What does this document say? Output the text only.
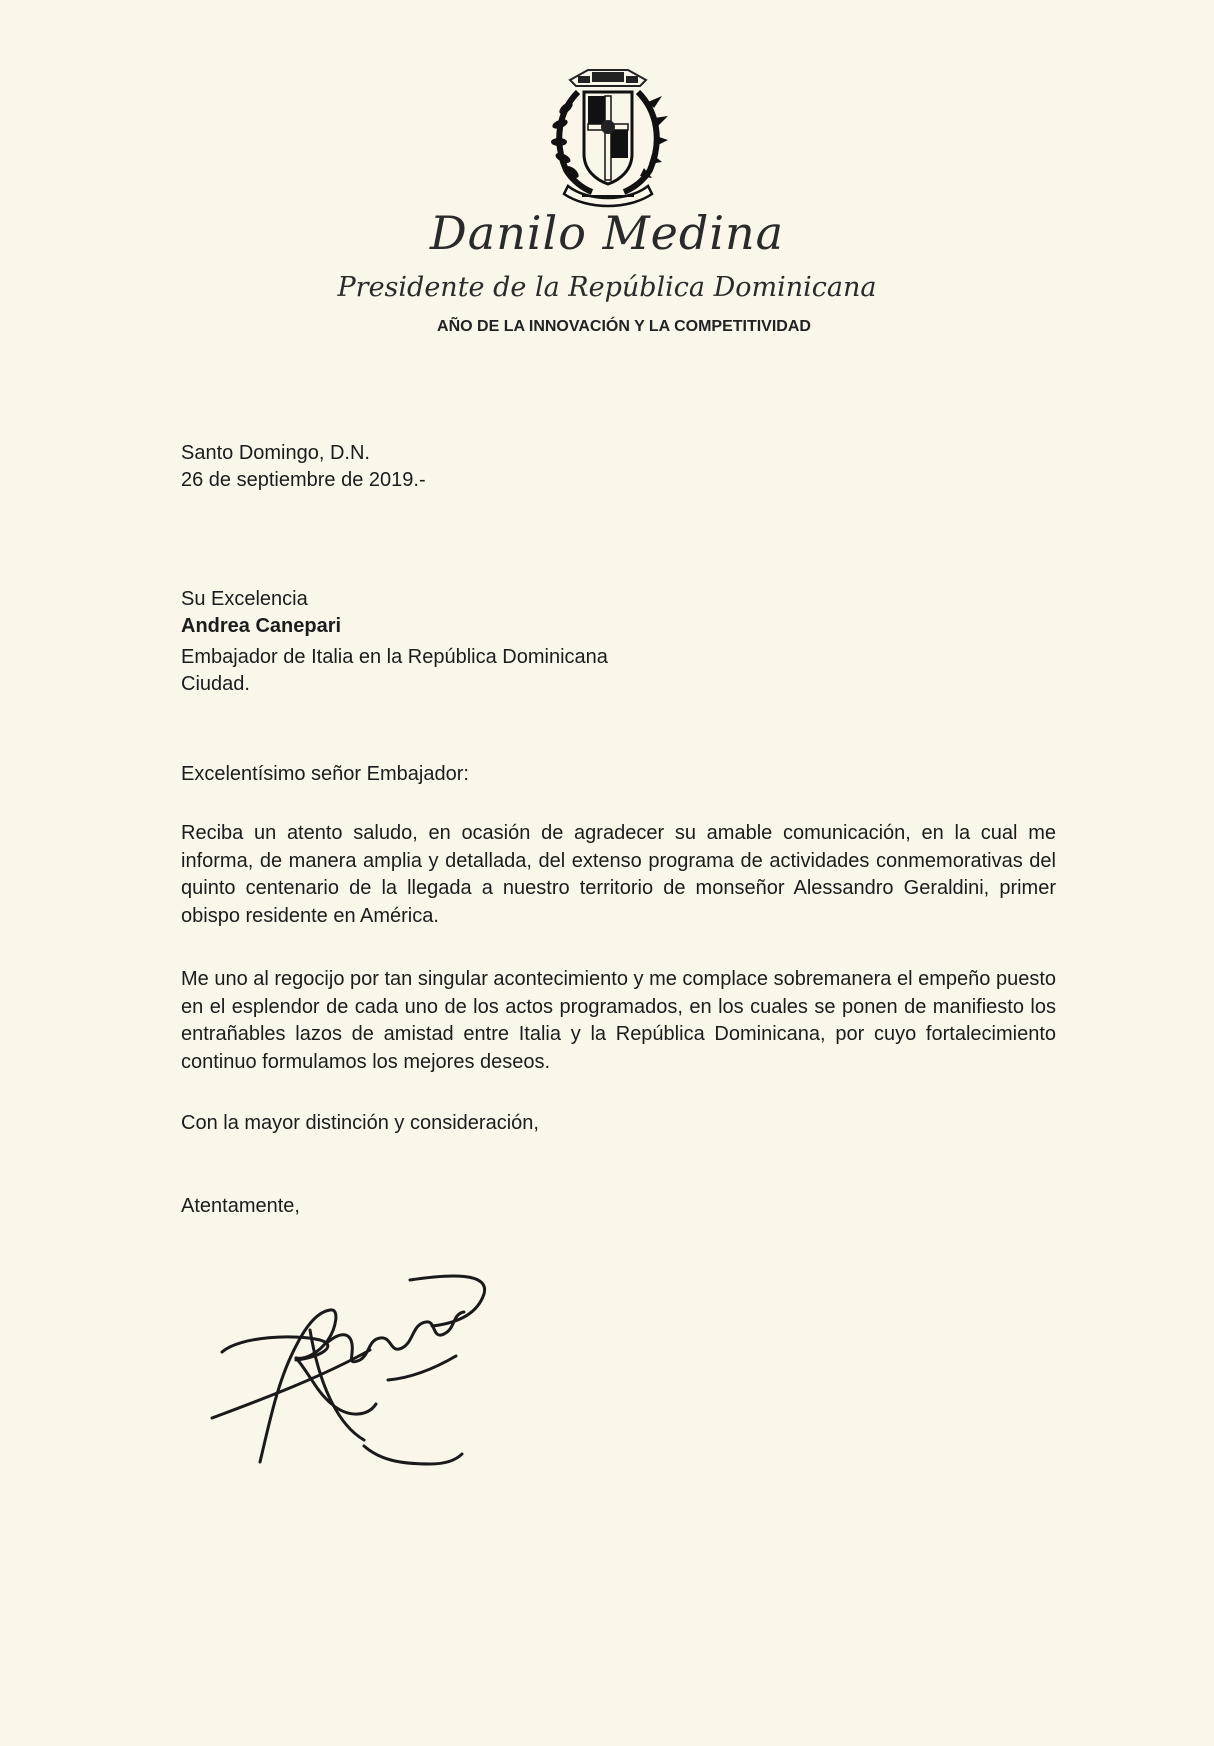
Danilo Medina
Presidente de la República Dominicana
AÑO DE LA INNOVACIÓN Y LA COMPETITIVIDAD
Santo Domingo, D.N.
26 de septiembre de 2019.-
Su Excelencia
Andrea Canepari
Embajador de Italia en la República Dominicana
Ciudad.
Excelentísimo señor Embajador:
Reciba un atento saludo, en ocasión de agradecer su amable comunicación, en la cual me informa, de manera amplia y detallada, del extenso programa de actividades conmemorativas del quinto centenario de la llegada a nuestro territorio de monseñor Alessandro Geraldini, primer obispo residente en América.
Me uno al regocijo por tan singular acontecimiento y me complace sobremanera el empeño puesto en el esplendor de cada uno de los actos programados, en los cuales se ponen de manifiesto los entrañables lazos de amistad entre Italia y la República Dominicana, por cuyo fortalecimiento continuo formulamos los mejores deseos.
Con la mayor distinción y consideración,
Atentamente,
